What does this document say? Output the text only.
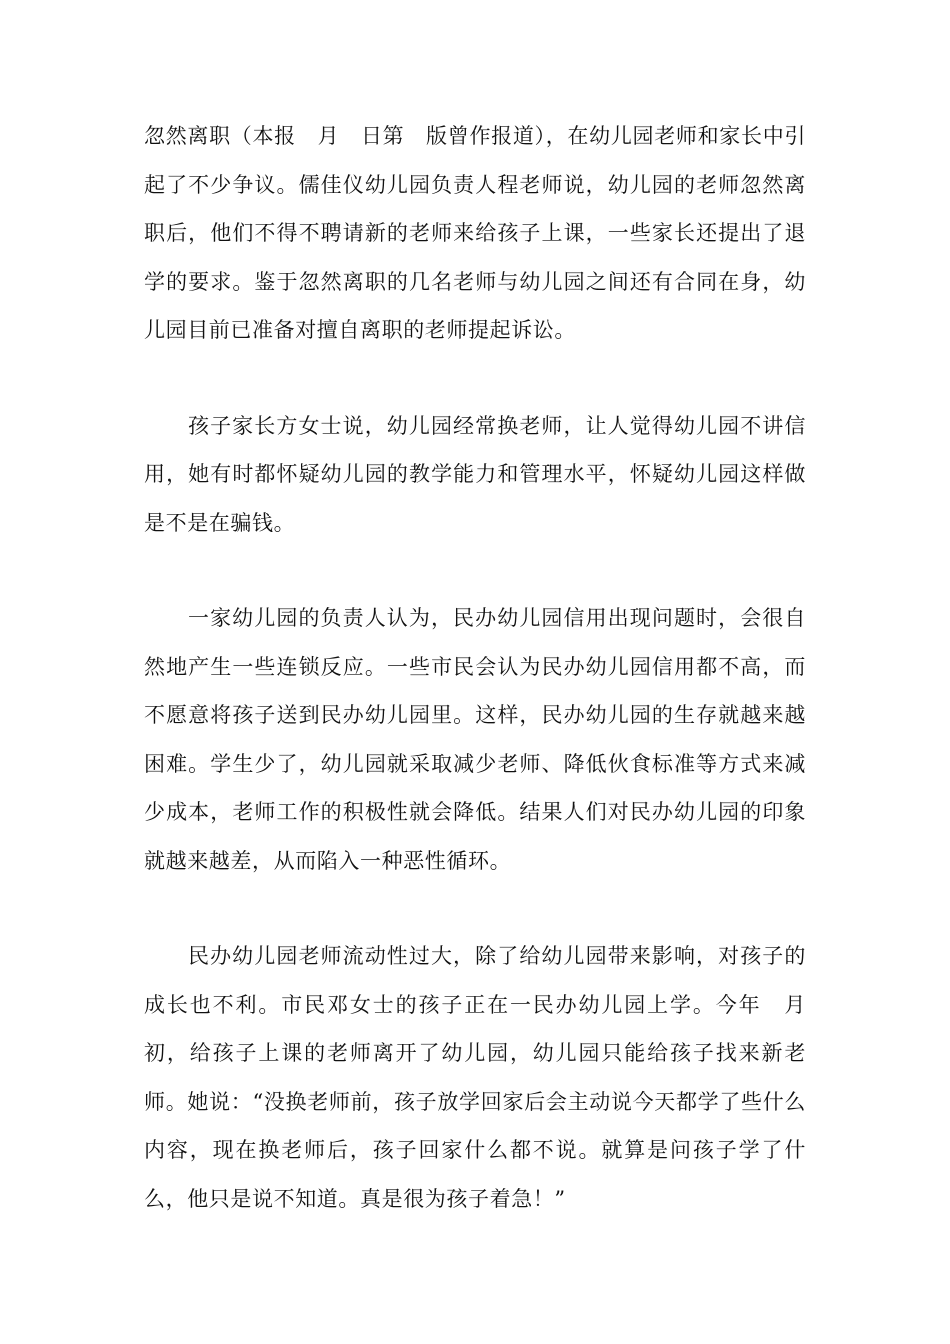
忽然离职（本报　月　日第　版曾作报道），在幼儿园老师和家长中引起了不少争议。儒佳仪幼儿园负责人程老师说，幼儿园的老师忽然离职后，他们不得不聘请新的老师来给孩子上课，一些家长还提出了退学的要求。鉴于忽然离职的几名老师与幼儿园之间还有合同在身，幼儿园目前已准备对擅自离职的老师提起诉讼。

孩子家长方女士说，幼儿园经常换老师，让人觉得幼儿园不讲信用，她有时都怀疑幼儿园的教学能力和管理水平，怀疑幼儿园这样做是不是在骗钱。

一家幼儿园的负责人认为，民办幼儿园信用出现问题时，会很自然地产生一些连锁反应。一些市民会认为民办幼儿园信用都不高，而不愿意将孩子送到民办幼儿园里。这样，民办幼儿园的生存就越来越困难。学生少了，幼儿园就采取减少老师、降低伙食标准等方式来减少成本，老师工作的积极性就会降低。结果人们对民办幼儿园的印象就越来越差，从而陷入一种恶性循环。

民办幼儿园老师流动性过大，除了给幼儿园带来影响，对孩子的成长也不利。市民邓女士的孩子正在一民办幼儿园上学。今年　月初，给孩子上课的老师离开了幼儿园，幼儿园只能给孩子找来新老师。她说：“没换老师前，孩子放学回家后会主动说今天都学了些什么内容，现在换老师后，孩子回家什么都不说。就算是问孩子学了什么，他只是说不知道。真是很为孩子着急！”
